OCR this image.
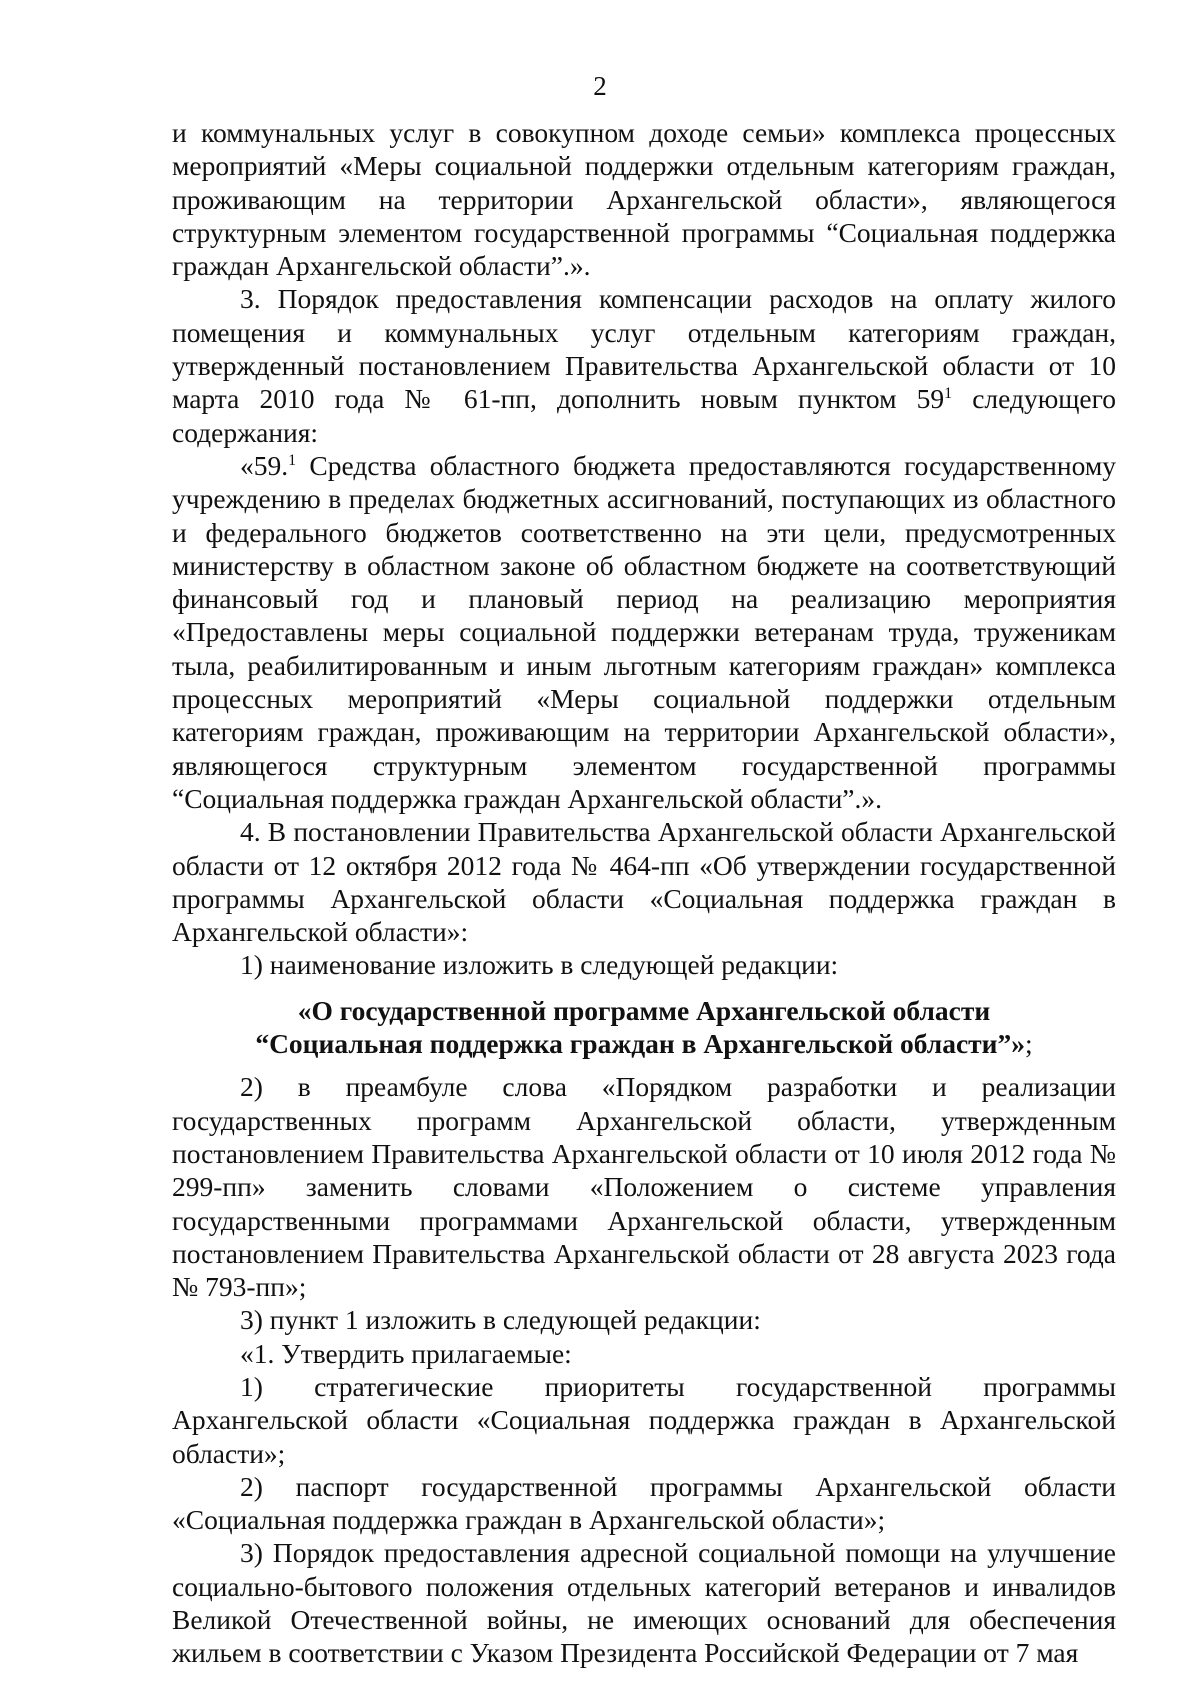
2

и коммунальных услуг в совокупном доходе семьи» комплекса процессных мероприятий «Меры социальной поддержки отдельным категориям граждан, проживающим на территории Архангельской области», являющегося структурным элементом государственной программы “Социальная поддержка граждан Архангельской области”.».

3. Порядок предоставления компенсации расходов на оплату жилого помещения и коммунальных услуг отдельным категориям граждан, утвержденный постановлением Правительства Архангельской области от 10 марта 2010 года № 61-пп, дополнить новым пунктом $59^1$ следующего содержания:

«59.$^1$ Средства областного бюджета предоставляются государственному учреждению в пределах бюджетных ассигнований, поступающих из областного и федерального бюджетов соответственно на эти цели, предусмотренных министерству в областном законе об областном бюджете на соответствующий финансовый год и плановый период на реализацию мероприятия «Предоставлены меры социальной поддержки ветеранам труда, труженикам тыла, реабилитированным и иным льготным категориям граждан» комплекса процессных мероприятий «Меры социальной поддержки отдельным категориям граждан, проживающим на территории Архангельской области», являющегося структурным элементом государственной программы “Социальная поддержка граждан Архангельской области”.».

4. В постановлении Правительства Архангельской области Архангельской области от 12 октября 2012 года № 464-пп «Об утверждении государственной программы Архангельской области «Социальная поддержка граждан в Архангельской области»:

1) наименование изложить в следующей редакции:

«О государственной программе Архангельской области
“Социальная поддержка граждан в Архангельской области”»;

2) в преамбуле слова «Порядком разработки и реализации государственных программ Архангельской области, утвержденным постановлением Правительства Архангельской области от 10 июля 2012 года № 299-пп» заменить словами «Положением о системе управления государственными программами Архангельской области, утвержденным постановлением Правительства Архангельской области от 28 августа 2023 года № 793-пп»;

3) пункт 1 изложить в следующей редакции:

«1. Утвердить прилагаемые:

1) стратегические приоритеты государственной программы Архангельской области «Социальная поддержка граждан в Архангельской области»;

2) паспорт государственной программы Архангельской области «Социальная поддержка граждан в Архангельской области»;

3) Порядок предоставления адресной социальной помощи на улучшение социально-бытового положения отдельных категорий ветеранов и инвалидов Великой Отечественной войны, не имеющих оснований для обеспечения жильем в соответствии с Указом Президента Российской Федерации от 7 мая
